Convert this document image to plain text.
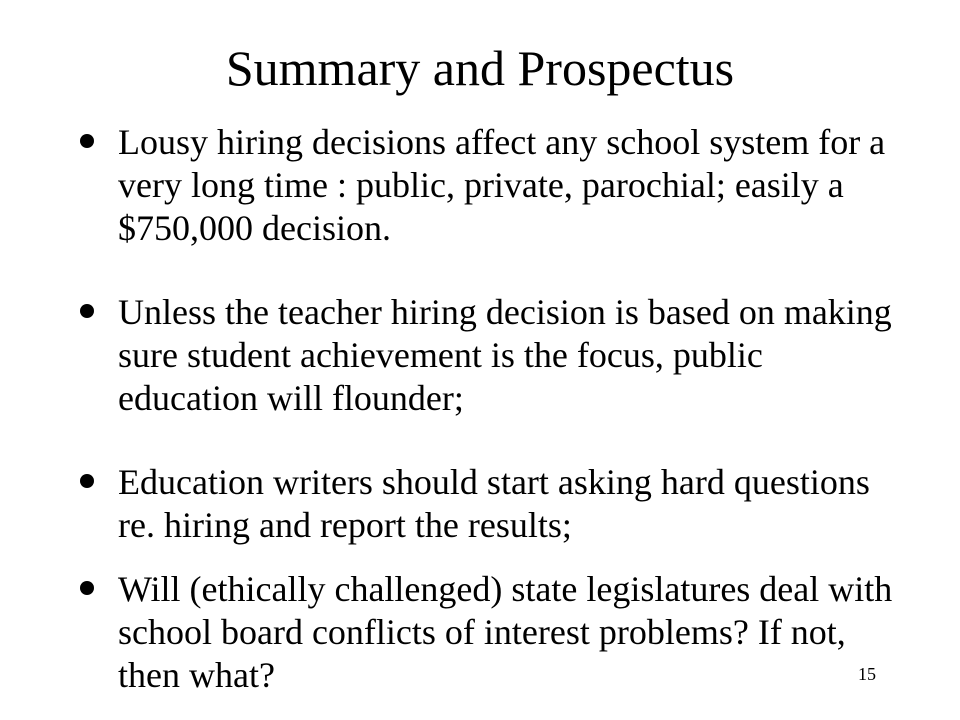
Summary and Prospectus
Lousy hiring decisions affect any school system for a very long time : public, private, parochial; easily a $750,000 decision.
Unless the teacher hiring decision is based on making sure student achievement is the focus, public education will flounder;
Education writers should start asking hard questions re. hiring and report the results;
Will (ethically challenged) state legislatures deal with school board conflicts of interest problems? If not, then what?	15
